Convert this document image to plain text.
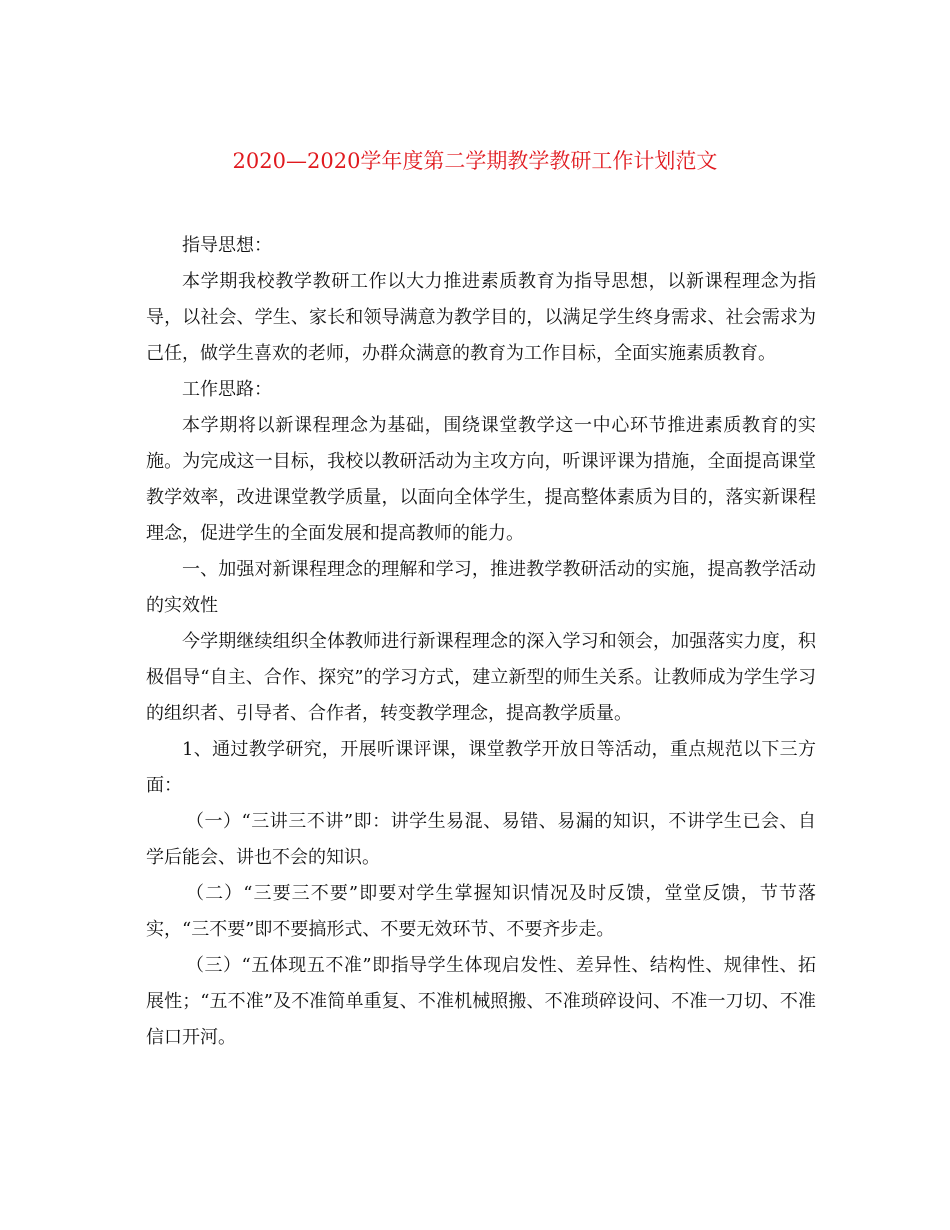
2020—2020学年度第二学期教学教研工作计划范文

指导思想：

本学期我校教学教研工作以大力推进素质教育为指导思想，以新课程理念为指导，以社会、学生、家长和领导满意为教学目的，以满足学生终身需求、社会需求为己任，做学生喜欢的老师，办群众满意的教育为工作目标，全面实施素质教育。

工作思路：

本学期将以新课程理念为基础，围绕课堂教学这一中心环节推进素质教育的实施。为完成这一目标，我校以教研活动为主攻方向，听课评课为措施，全面提高课堂教学效率，改进课堂教学质量，以面向全体学生，提高整体素质为目的，落实新课程理念，促进学生的全面发展和提高教师的能力。

一、加强对新课程理念的理解和学习，推进教学教研活动的实施，提高教学活动的实效性

今学期继续组织全体教师进行新课程理念的深入学习和领会，加强落实力度，积极倡导“自主、合作、探究”的学习方式，建立新型的师生关系。让教师成为学生学习的组织者、引导者、合作者，转变教学理念，提高教学质量。

1、通过教学研究，开展听课评课，课堂教学开放日等活动，重点规范以下三方面：

（一）“三讲三不讲”即：讲学生易混、易错、易漏的知识，不讲学生已会、自学后能会、讲也不会的知识。

（二）“三要三不要”即要对学生掌握知识情况及时反馈，堂堂反馈，节节落实，“三不要”即不要搞形式、不要无效环节、不要齐步走。

（三）“五体现五不准”即指导学生体现启发性、差异性、结构性、规律性、拓展性；“五不准”及不准简单重复、不准机械照搬、不准琐碎设问、不准一刀切、不准信口开河。
